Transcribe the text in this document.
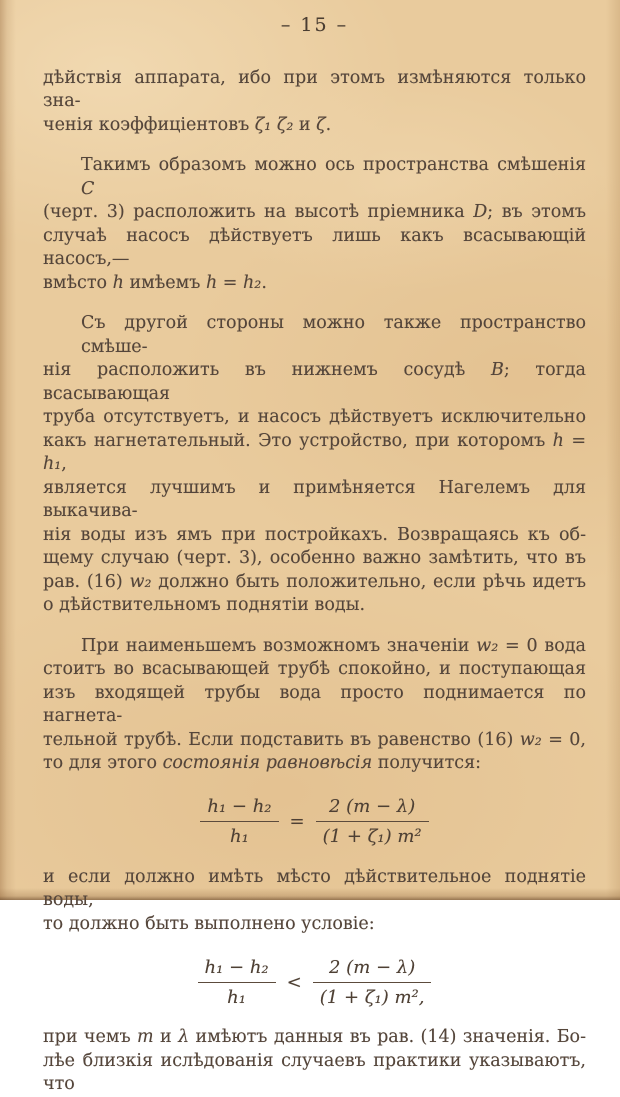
– 15 –
дѣйствія аппарата, ибо при этомъ измѣняются только зна-
ченія коэффиціентовъ ζ₁ ζ₂ и ζ.
Такимъ образомъ можно ось пространства смѣшенія C
(черт. 3) расположить на высотѣ пріемника D; въ этомъ
случаѣ насосъ дѣйствуетъ лишь какъ всасывающій насосъ,—
вмѣсто h имѣемъ h = h₂.
Съ другой стороны можно также пространство смѣше-
нія расположить въ нижнемъ сосудѣ B; тогда всасывающая
труба отсутствуетъ, и насосъ дѣйствуетъ исключительно
какъ нагнетательный. Это устройство, при которомъ h = h₁,
является лучшимъ и примѣняется Нагелемъ для выкачива-
нія воды изъ ямъ при постройкахъ. Возвращаясь къ об-
щему случаю (черт. 3), особенно важно замѣтить, что въ
рав. (16) w₂ должно быть положительно, если рѣчь идетъ
о дѣйствительномъ поднятіи воды.
При наименьшемъ возможномъ значеніи w₂ = 0 вода
стоитъ во всасывающей трубѣ спокойно, и поступающая
изъ входящей трубы вода просто поднимается по нагнета-
тельной трубѣ. Если подставить въ равенство (16) w₂ = 0,
то для этого состоянія равновѣсія получится:
$\frac{\text{h₁ − h₂}}{\text{h₁}} = \frac{2 (m - \lambda)}{\text{(1 + ζ₁) m²}}$
и если должно имѣть мѣсто дѣйствительное поднятіе воды,
то должно быть выполнено условіе:
$\frac{\text{h₁ − h₂}}{\text{h₁}} < \frac{2 (m - \lambda)}{\text{(1 + ζ₁) m²,}}$
при чемъ m и λ имѣютъ данныя въ рав. (14) значенія. Бо-
лѣе близкія ислѣдованія случаевъ практики указываютъ, что
